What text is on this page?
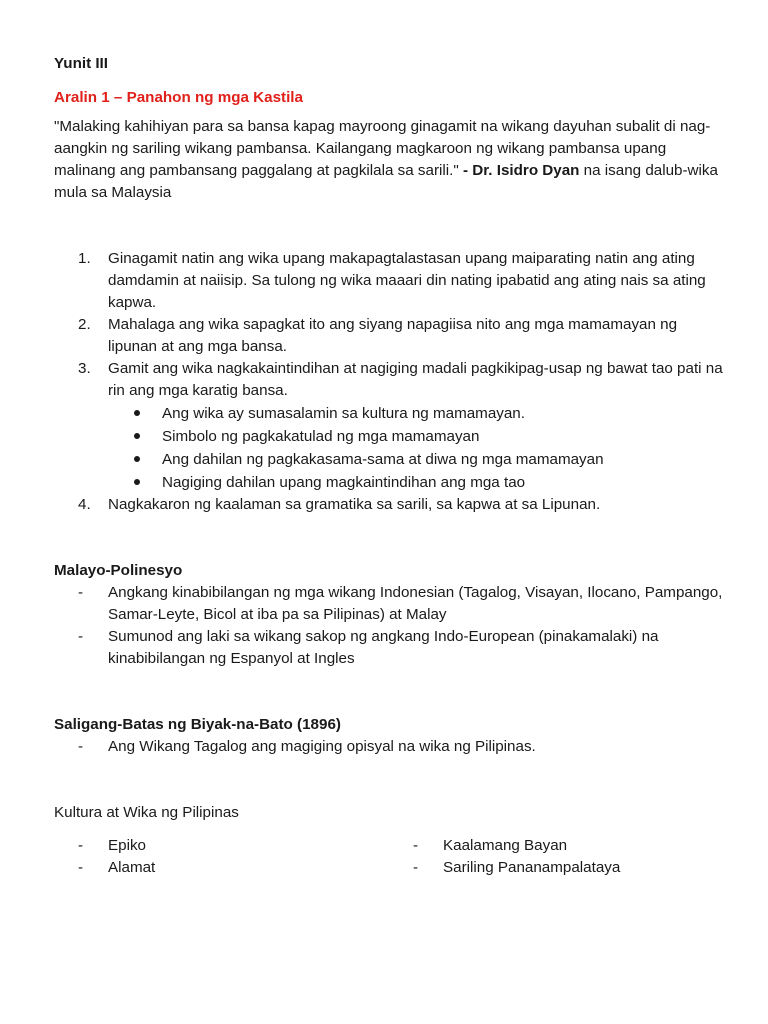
Yunit III

Aralin 1 – Panahon ng mga Kastila

"Malaking kahihiyan para sa bansa kapag mayroong ginagamit na wikang dayuhan subalit di nag-aangkin ng sariling wikang pambansa. Kailangang magkaroon ng wikang pambansa upang malinang ang pambansang paggalang at pagkilala sa sarili." - Dr. Isidro Dyan na isang dalub-wika mula sa Malaysia

1. Ginagamit natin ang wika upang makapagtalastasan upang maiparating natin ang ating damdamin at naiisip. Sa tulong ng wika maaari din nating ipabatid ang ating nais sa ating kapwa.
2. Mahalaga ang wika sapagkat ito ang siyang napagiisa nito ang mga mamamayan ng lipunan at ang mga bansa.
3. Gamit ang wika nagkakaintindihan at nagiging madali pagkikipag-usap ng bawat tao pati na rin ang mga karatig bansa.
Ang wika ay sumasalamin sa kultura ng mamamayan.
Simbolo ng pagkakatulad ng mga mamamayan
Ang dahilan ng pagkakasama-sama at diwa ng mga mamamayan
Nagiging dahilan upang magkaintindihan ang mga tao
4. Nagkakaron ng kaalaman sa gramatika sa sarili, sa kapwa at sa Lipunan.

Malayo-Polinesyo

- Angkang kinabibilangan ng mga wikang Indonesian (Tagalog, Visayan, Ilocano, Pampango, Samar-Leyte, Bicol at iba pa sa Pilipinas) at Malay
- Sumunod ang laki sa wikang sakop ng angkang Indo-European (pinakamalaki) na kinabibilangan ng Espanyol at Ingles

Saligang-Batas ng Biyak-na-Bato (1896)

- Ang Wikang Tagalog ang magiging opisyal na wika ng Pilipinas.

Kultura at Wika ng Pilipinas

- Epiko
- Alamat
- Kaalamang Bayan
- Sariling Pananampalataya
